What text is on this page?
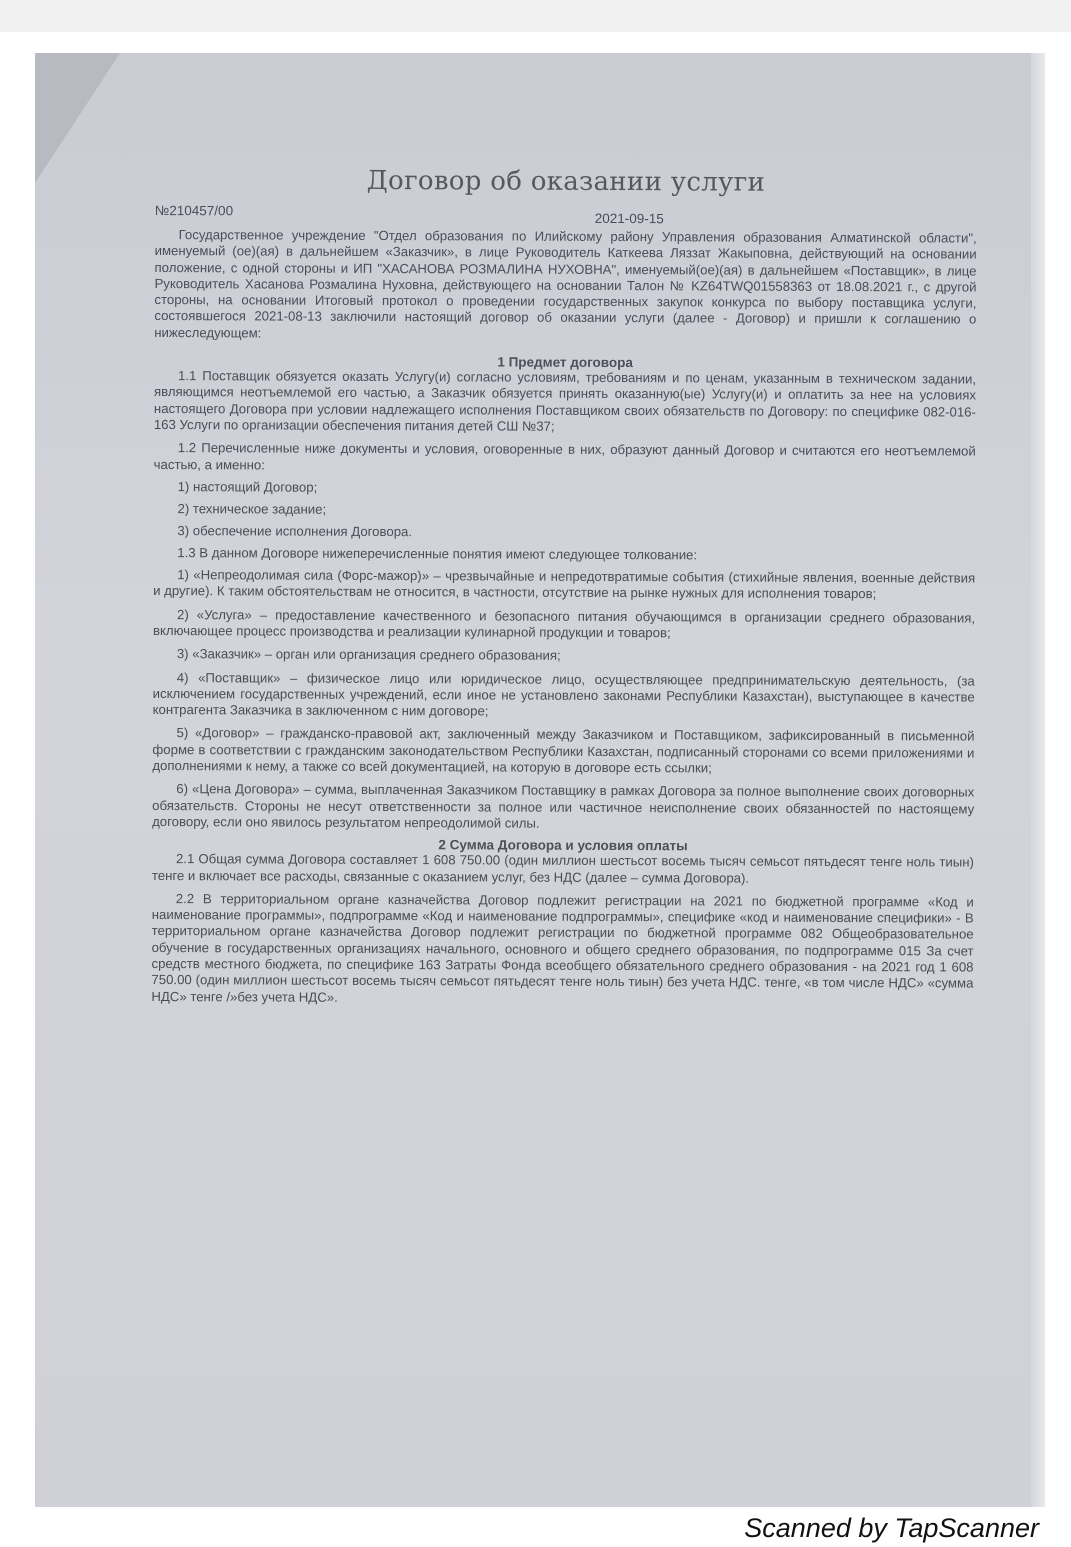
Договор об оказании услуги
№210457/00
2021-09-15

Государственное учреждение "Отдел образования по Илийскому району Управления образования Алматинской области", именуемый (ое)(ая) в дальнейшем «Заказчик», в лице Руководитель Каткеева Ляззат Жакыповна, действующий на основании положение, с одной стороны и ИП "ХАСАНОВА РОЗМАЛИНА НУХОВНА", именуемый(ое)(ая) в дальнейшем «Поставщик», в лице Руководитель Хасанова Розмалина Нуховна, действующего на основании Талон № KZ64TWQ01558363 от 18.08.2021 г., с другой стороны, на основании Итоговый протокол о проведении государственных закупок конкурса по выбору поставщика услуги, состоявшегося 2021-08-13 заключили настоящий договор об оказании услуги (далее - Договор) и пришли к соглашению о нижеследующем:

1 Предмет договора

1.1 Поставщик обязуется оказать Услугу(и) согласно условиям, требованиям и по ценам, указанным в техническом задании, являющимся неотъемлемой его частью, а Заказчик обязуется принять оказанную(ые) Услугу(и) и оплатить за нее на условиях настоящего Договора при условии надлежащего исполнения Поставщиком своих обязательств по Договору: по специфике 082-016-163 Услуги по организации обеспечения питания детей СШ №37;

1.2 Перечисленные ниже документы и условия, оговоренные в них, образуют данный Договор и считаются его неотъемлемой частью, а именно:

1) настоящий Договор;

2) техническое задание;

3) обеспечение исполнения Договора.

1.3 В данном Договоре нижеперечисленные понятия имеют следующее толкование:

1) «Непреодолимая сила (Форс-мажор)» – чрезвычайные и непредотвратимые события (стихийные явления, военные действия и другие). К таким обстоятельствам не относится, в частности, отсутствие на рынке нужных для исполнения товаров;

2) «Услуга» – предоставление качественного и безопасного питания обучающимся в организации среднего образования, включающее процесс производства и реализации кулинарной продукции и товаров;

3) «Заказчик» – орган или организация среднего образования;

4) «Поставщик» – физическое лицо или юридическое лицо, осуществляющее предпринимательскую деятельность, (за исключением государственных учреждений, если иное не установлено законами Республики Казахстан), выступающее в качестве контрагента Заказчика в заключенном с ним договоре;

5) «Договор» – гражданско-правовой акт, заключенный между Заказчиком и Поставщиком, зафиксированный в письменной форме в соответствии с гражданским законодательством Республики Казахстан, подписанный сторонами со всеми приложениями и дополнениями к нему, а также со всей документацией, на которую в договоре есть ссылки;

6) «Цена Договора» – сумма, выплаченная Заказчиком Поставщику в рамках Договора за полное выполнение своих договорных обязательств. Стороны не несут ответственности за полное или частичное неисполнение своих обязанностей по настоящему договору, если оно явилось результатом непреодолимой силы.

2 Сумма Договора и условия оплаты

2.1 Общая сумма Договора составляет 1 608 750.00 (один миллион шестьсот восемь тысяч семьсот пятьдесят тенге ноль тиын) тенге и включает все расходы, связанные с оказанием услуг, без НДС (далее – сумма Договора).

2.2 В территориальном органе казначейства Договор подлежит регистрации на 2021 по бюджетной программе «Код и наименование программы», подпрограмме «Код и наименование подпрограммы», специфике «код и наименование специфики» - В территориальном органе казначейства Договор подлежит регистрации по бюджетной программе 082 Общеобразовательное обучение в государственных организациях начального, основного и общего среднего образования, по подпрограмме 015 За счет средств местного бюджета, по специфике 163 Затраты Фонда всеобщего обязательного среднего образования - на 2021 год 1 608 750.00 (один миллион шестьсот восемь тысяч семьсот пятьдесят тенге ноль тиын) без учета НДС. тенге, «в том числе НДС» «сумма НДС» тенге /»без учета НДС».

Scanned by TapScanner
